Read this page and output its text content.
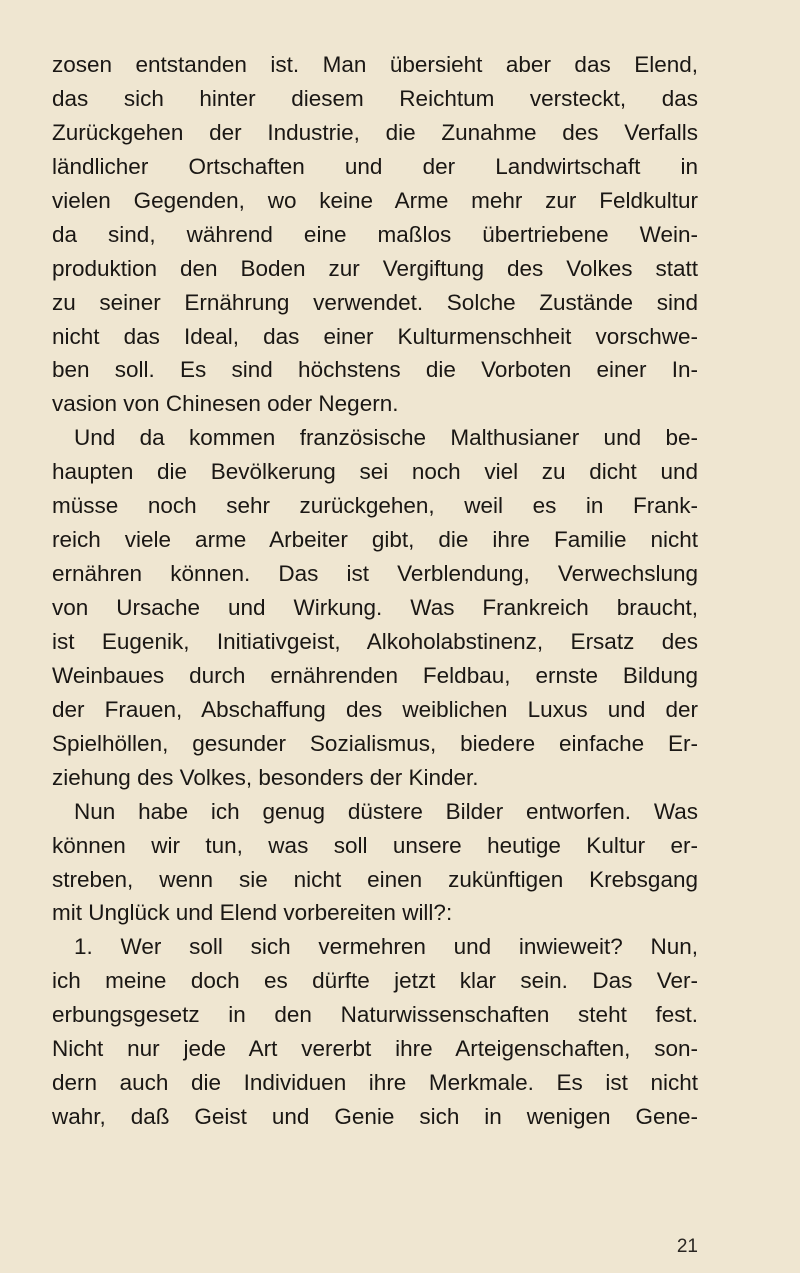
zosen entstanden ist. Man übersieht aber das Elend,
das sich hinter diesem Reichtum versteckt, das
Zurückgehen der Industrie, die Zunahme des Verfalls
ländlicher Ortschaften und der Landwirtschaft in
vielen Gegenden, wo keine Arme mehr zur Feldkultur
da sind, während eine maßlos übertriebene Wein-
produktion den Boden zur Vergiftung des Volkes statt
zu seiner Ernährung verwendet. Solche Zustände sind
nicht das Ideal, das einer Kulturmenschheit vorschwe-
ben soll. Es sind höchstens die Vorboten einer In-
vasion von Chinesen oder Negern.
Und da kommen französische Malthusianer und be-
haupten die Bevölkerung sei noch viel zu dicht und
müsse noch sehr zurückgehen, weil es in Frank-
reich viele arme Arbeiter gibt, die ihre Familie nicht
ernähren können. Das ist Verblendung, Verwechslung
von Ursache und Wirkung. Was Frankreich braucht,
ist Eugenik, Initiativgeist, Alkoholabstinenz, Ersatz des
Weinbaues durch ernährenden Feldbau, ernste Bildung
der Frauen, Abschaffung des weiblichen Luxus und der
Spielhöllen, gesunder Sozialismus, biedere einfache Er-
ziehung des Volkes, besonders der Kinder.
Nun habe ich genug düstere Bilder entworfen. Was
können wir tun, was soll unsere heutige Kultur er-
streben, wenn sie nicht einen zukünftigen Krebsgang
mit Unglück und Elend vorbereiten will?:
1. Wer soll sich vermehren und inwieweit? Nun,
ich meine doch es dürfte jetzt klar sein. Das Ver-
erbungsgesetz in den Naturwissenschaften steht fest.
Nicht nur jede Art vererbt ihre Arteigenschaften, son-
dern auch die Individuen ihre Merkmale. Es ist nicht
wahr, daß Geist und Genie sich in wenigen Gene-
21
